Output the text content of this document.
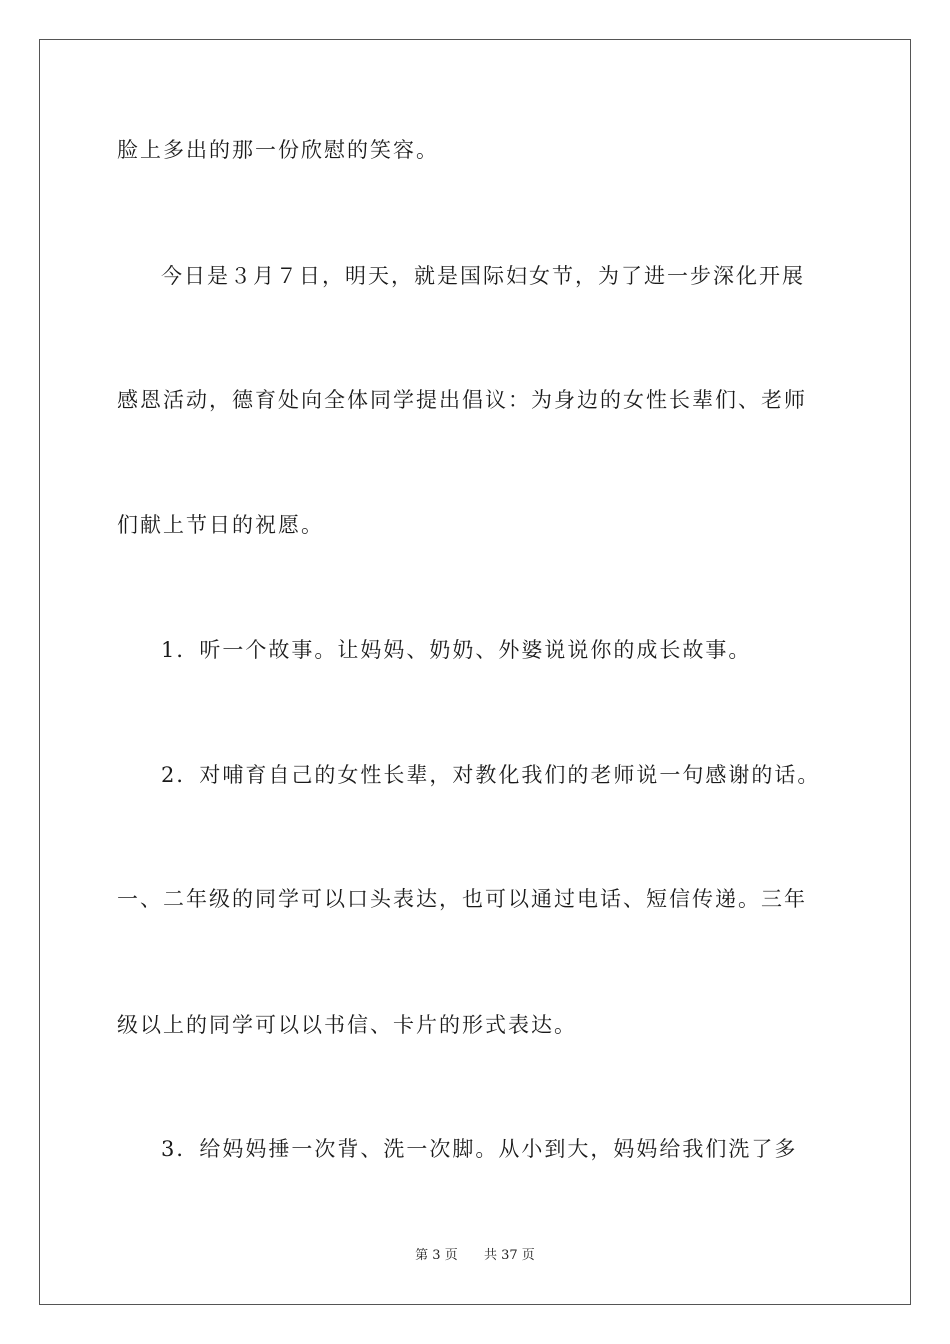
脸上多出的那一份欣慰的笑容。
今日是３月７日，明天，就是国际妇女节，为了进一步深化开展
感恩活动，德育处向全体同学提出倡议：为身边的女性长辈们、老师
们献上节日的祝愿。
1．听一个故事。让妈妈、奶奶、外婆说说你的成长故事。
2．对哺育自己的女性长辈，对教化我们的老师说一句感谢的话。
一、二年级的同学可以口头表达，也可以通过电话、短信传递。三年
级以上的同学可以以书信、卡片的形式表达。
3．给妈妈捶一次背、洗一次脚。从小到大，妈妈给我们洗了多
第 3 页 共 37 页
